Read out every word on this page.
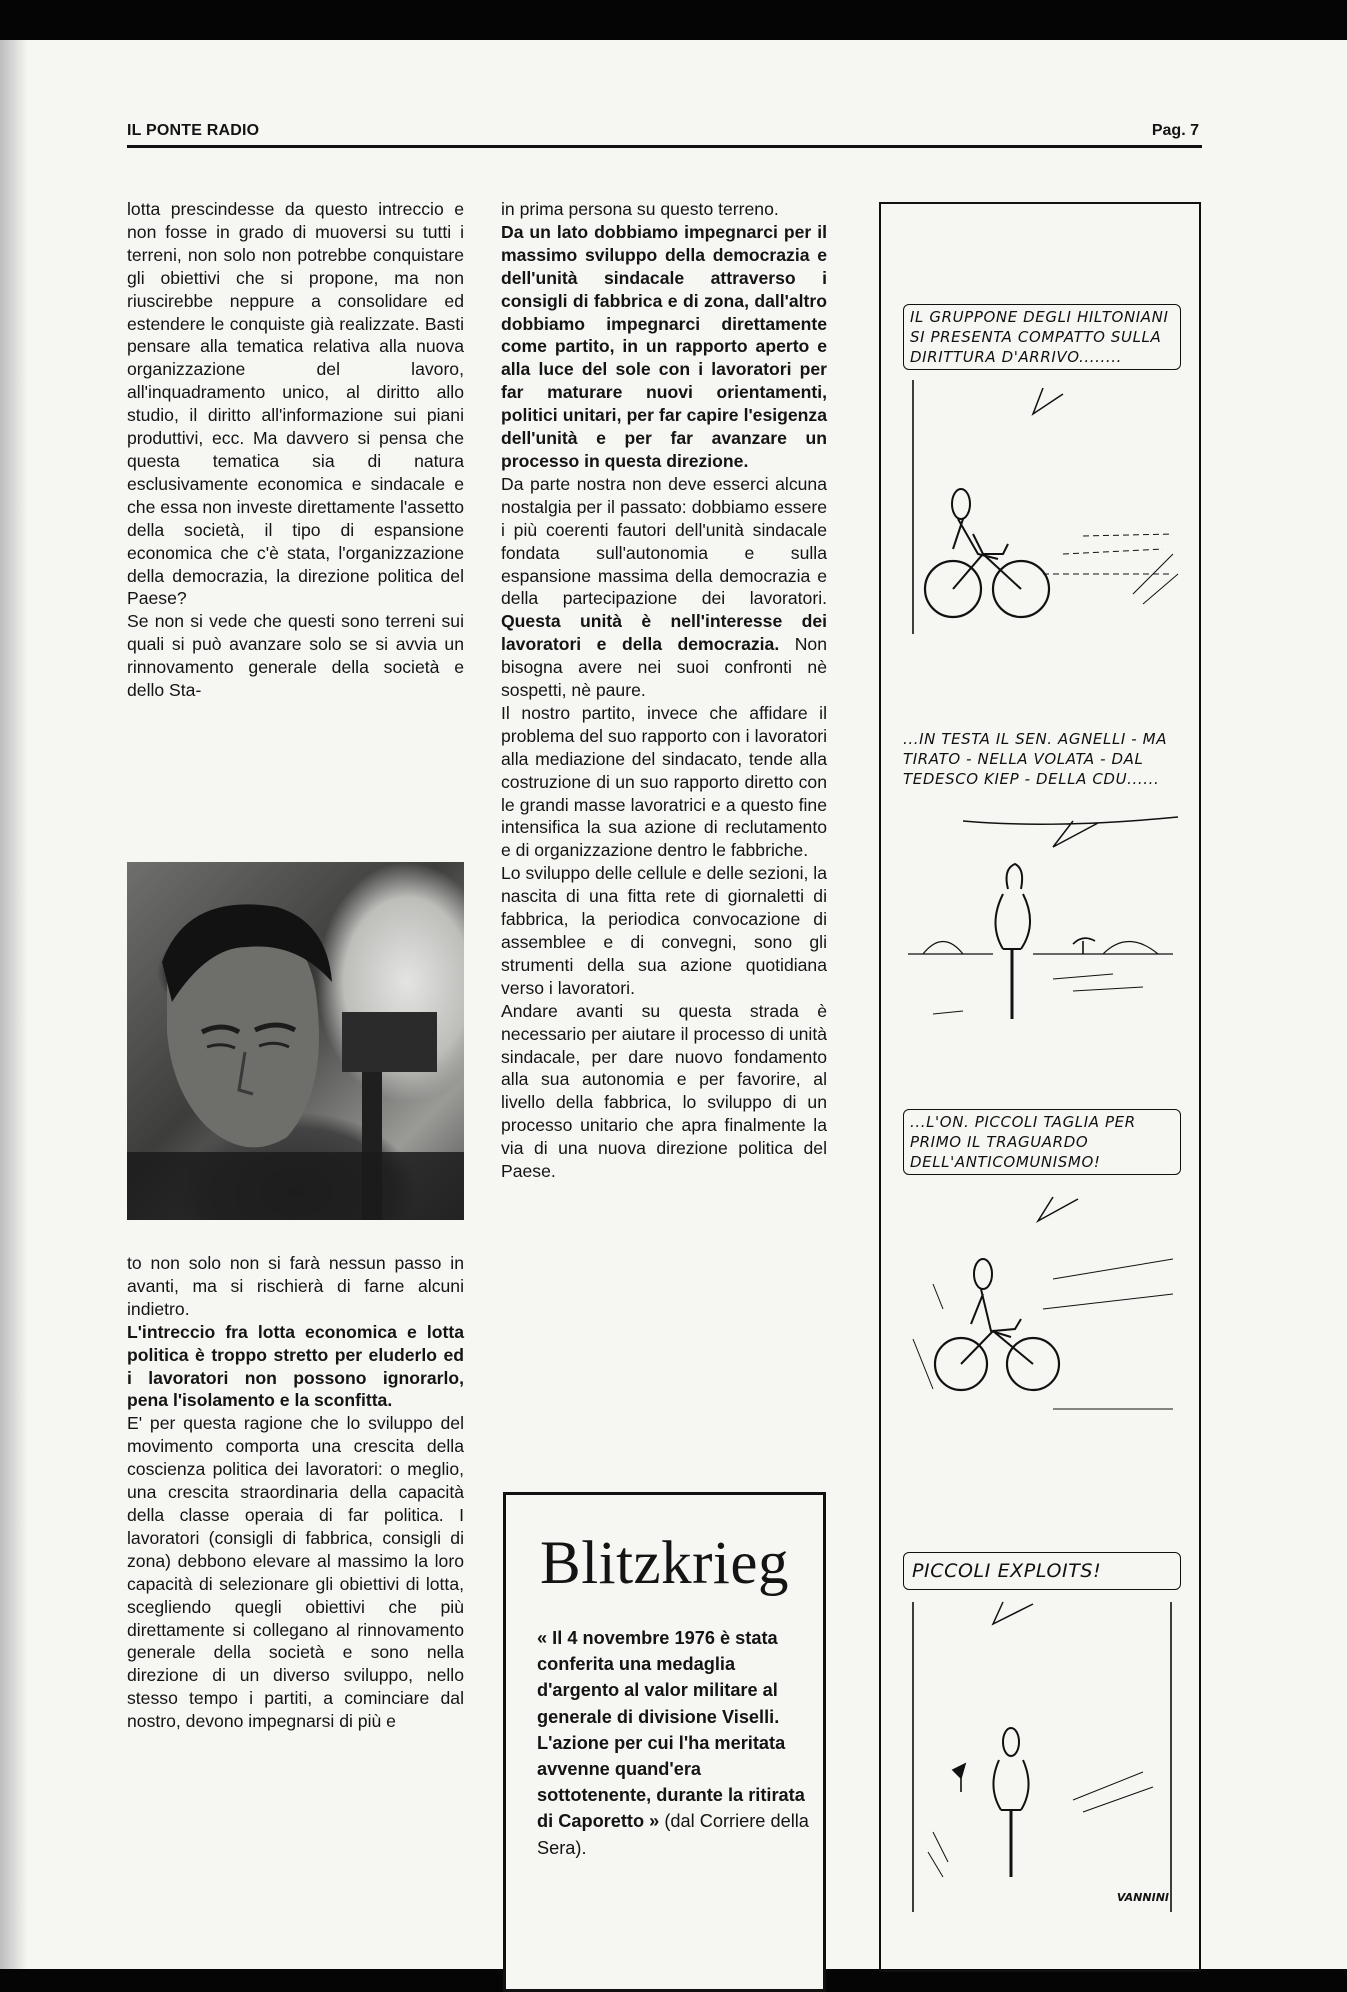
IL PONTE RADIO	Pag. 7

lotta prescindesse da questo intreccio e non fosse in grado di muoversi su tutti i terreni, non solo non potrebbe conquistare gli obiettivi che si propone, ma non riuscirebbe neppure a consolidare ed estendere le conquiste già realizzate. Basti pensare alla tematica relativa alla nuova organizzazione del lavoro, all'inquadramento unico, al diritto allo studio, il diritto all'informazione sui piani produttivi, ecc. Ma davvero si pensa che questa tematica sia di natura esclusivamente economica e sindacale e che essa non investe direttamente l'assetto della società, il tipo di espansione economica che c'è stata, l'organizzazione della democrazia, la direzione politica del Paese?

Se non si vede che questi sono terreni sui quali si può avanzare solo se si avvia un rinnovamento generale della società e dello Sta-

to non solo non si farà nessun passo in avanti, ma si rischierà di farne alcuni indietro.

L'intreccio fra lotta economica e lotta politica è troppo stretto per eluderlo ed i lavoratori non possono ignorarlo, pena l'isolamento e la sconfitta.

E' per questa ragione che lo sviluppo del movimento comporta una crescita della coscienza politica dei lavoratori: o meglio, una crescita straordinaria della capacità della classe operaia di far politica. I lavoratori (consigli di fabbrica, consigli di zona) debbono elevare al massimo la loro capacità di selezionare gli obiettivi di lotta, scegliendo quegli obiettivi che più direttamente si collegano al rinnovamento generale della società e sono nella direzione di un diverso sviluppo, nello stesso tempo i partiti, a cominciare dal nostro, devono impegnarsi di più e

in prima persona su questo terreno.

Da un lato dobbiamo impegnarci per il massimo sviluppo della democrazia e dell'unità sindacale attraverso i consigli di fabbrica e di zona, dall'altro dobbiamo impegnarci direttamente come partito, in un rapporto aperto e alla luce del sole con i lavoratori per far maturare nuovi orientamenti, politici unitari, per far capire l'esigenza dell'unità e per far avanzare un processo in questa direzione.

Da parte nostra non deve esserci alcuna nostalgia per il passato: dobbiamo essere i più coerenti fautori dell'unità sindacale fondata sull'autonomia e sulla espansione massima della democrazia e della partecipazione dei lavoratori. Questa unità è nell'interesse dei lavoratori e della democrazia. Non bisogna avere nei suoi confronti nè sospetti, nè paure.

Il nostro partito, invece che affidare il problema del suo rapporto con i lavoratori alla mediazione del sindacato, tende alla costruzione di un suo rapporto diretto con le grandi masse lavoratrici e a questo fine intensifica la sua azione di reclutamento e di organizzazione dentro le fabbriche.

Lo sviluppo delle cellule e delle sezioni, la nascita di una fitta rete di giornaletti di fabbrica, la periodica convocazione di assemblee e di convegni, sono gli strumenti della sua azione quotidiana verso i lavoratori.

Andare avanti su questa strada è necessario per aiutare il processo di unità sindacale, per dare nuovo fondamento alla sua autonomia e per favorire, al livello della fabbrica, lo sviluppo di un processo unitario che apra finalmente la via di una nuova direzione politica del Paese.

Blitzkrieg
« Il 4 novembre 1976 è stata conferita una medaglia d'argento al valor militare al generale di divisione Viselli. L'azione per cui l'ha meritata avvenne quand'era sottotenente, durante la ritirata di Caporetto » (dal Corriere della Sera).
IL GRUPPONE DEGLI HILTONIANI SI PRESENTA COMPATTO SULLA DIRITTURA D'ARRIVO........
...IN TESTA IL SEN. AGNELLI - MA TIRATO - NELLA VOLATA - DAL TEDESCO KIEP - DELLA CDU......
...L'ON. PICCOLI TAGLIA PER PRIMO IL TRAGUARDO DELL'ANTICOMUNISMO!
PICCOLI EXPLOITS!
VANNINI
